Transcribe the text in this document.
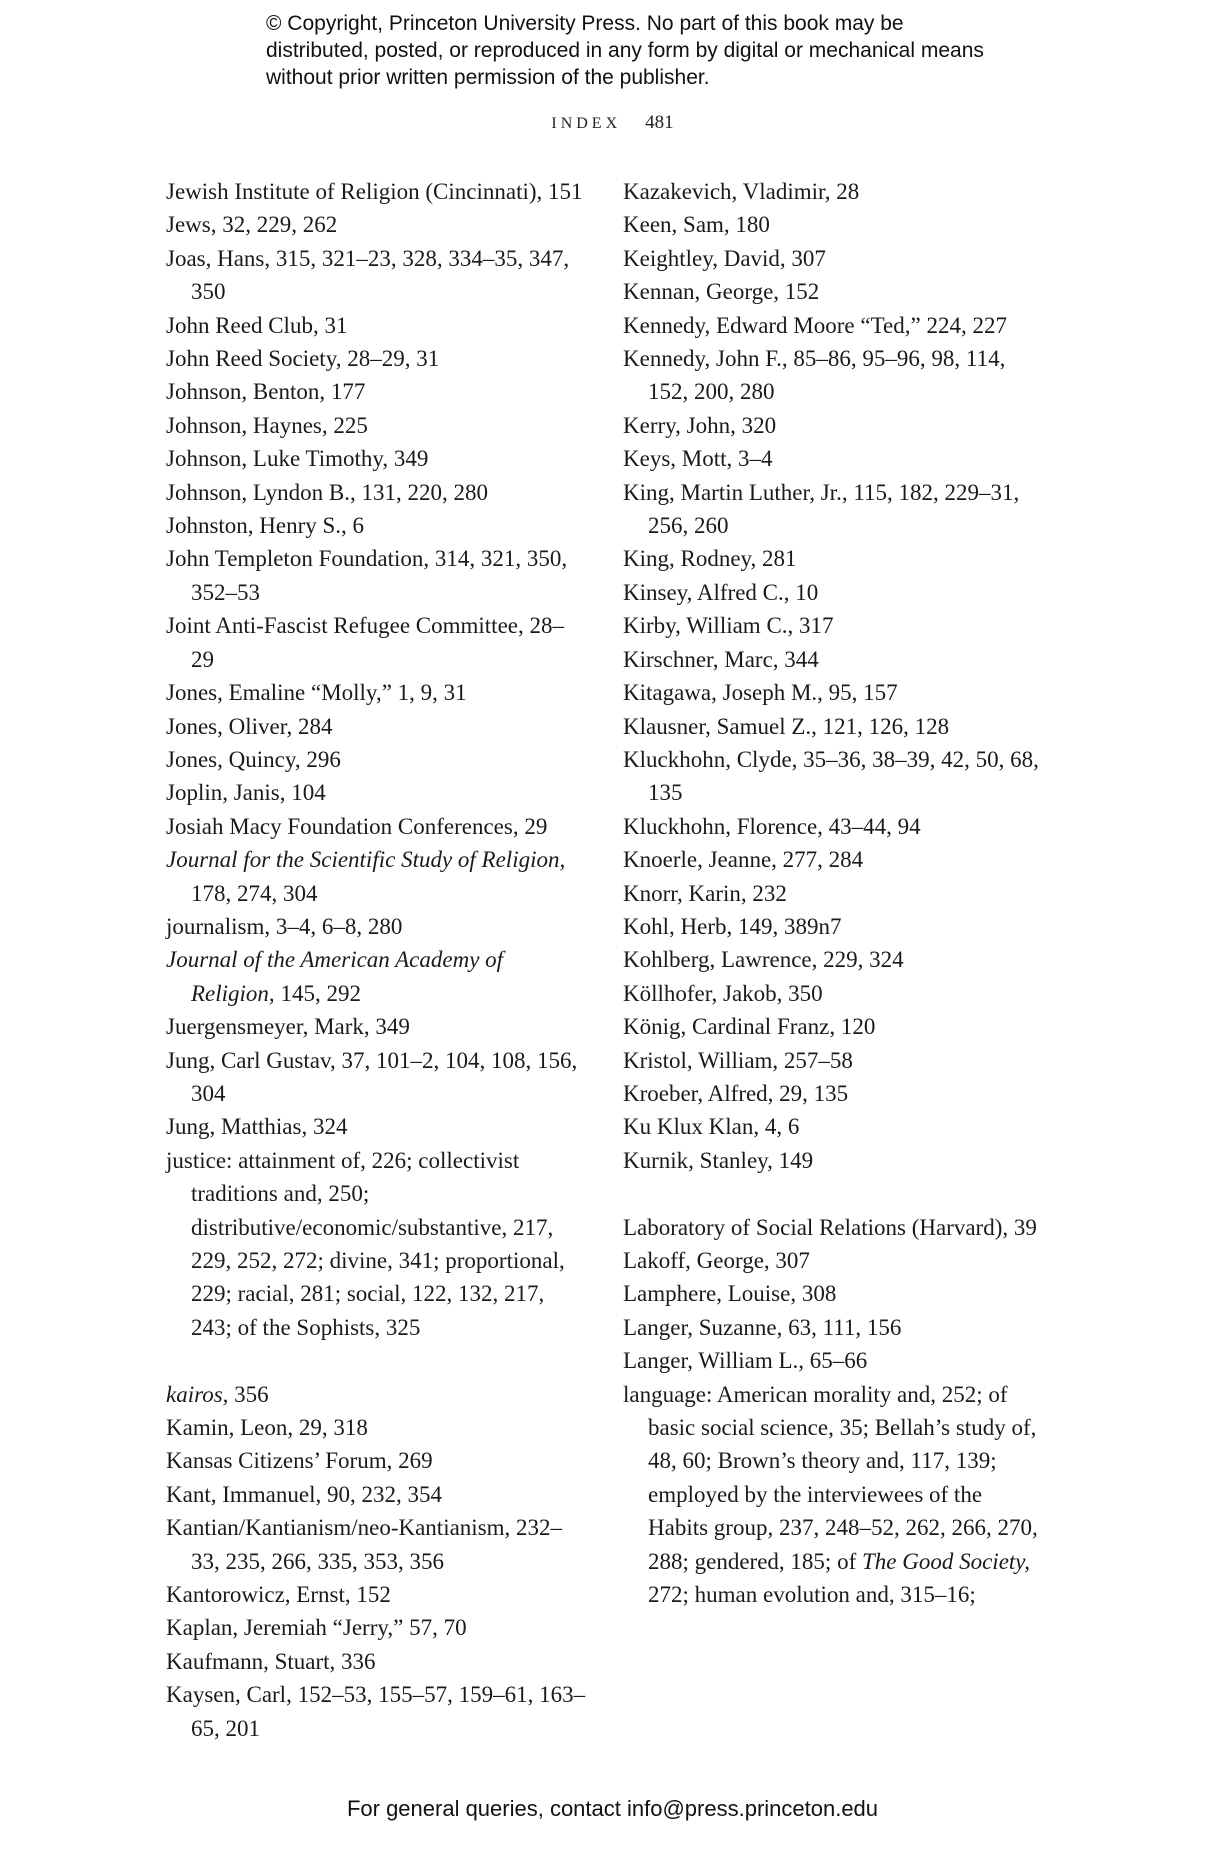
© Copyright, Princeton University Press. No part of this book may be distributed, posted, or reproduced in any form by digital or mechanical means without prior written permission of the publisher.
INDEX 481
Jewish Institute of Religion (Cincinnati), 151
Jews, 32, 229, 262
Joas, Hans, 315, 321–23, 328, 334–35, 347, 350
John Reed Club, 31
John Reed Society, 28–29, 31
Johnson, Benton, 177
Johnson, Haynes, 225
Johnson, Luke Timothy, 349
Johnson, Lyndon B., 131, 220, 280
Johnston, Henry S., 6
John Templeton Foundation, 314, 321, 350, 352–53
Joint Anti-Fascist Refugee Committee, 28–29
Jones, Emaline “Molly,” 1, 9, 31
Jones, Oliver, 284
Jones, Quincy, 296
Joplin, Janis, 104
Josiah Macy Foundation Conferences, 29
Journal for the Scientific Study of Religion, 178, 274, 304
journalism, 3–4, 6–8, 280
Journal of the American Academy of Religion, 145, 292
Juergensmeyer, Mark, 349
Jung, Carl Gustav, 37, 101–2, 104, 108, 156, 304
Jung, Matthias, 324
justice: attainment of, 226; collectivist traditions and, 250; distributive/economic/substantive, 217, 229, 252, 272; divine, 341; proportional, 229; racial, 281; social, 122, 132, 217, 243; of the Sophists, 325
kairos, 356
Kamin, Leon, 29, 318
Kansas Citizens’ Forum, 269
Kant, Immanuel, 90, 232, 354
Kantian/Kantianism/neo-Kantianism, 232–33, 235, 266, 335, 353, 356
Kantorowicz, Ernst, 152
Kaplan, Jeremiah “Jerry,” 57, 70
Kaufmann, Stuart, 336
Kaysen, Carl, 152–53, 155–57, 159–61, 163–65, 201
Kazakevich, Vladimir, 28
Keen, Sam, 180
Keightley, David, 307
Kennan, George, 152
Kennedy, Edward Moore “Ted,” 224, 227
Kennedy, John F., 85–86, 95–96, 98, 114, 152, 200, 280
Kerry, John, 320
Keys, Mott, 3–4
King, Martin Luther, Jr., 115, 182, 229–31, 256, 260
King, Rodney, 281
Kinsey, Alfred C., 10
Kirby, William C., 317
Kirschner, Marc, 344
Kitagawa, Joseph M., 95, 157
Klausner, Samuel Z., 121, 126, 128
Kluckhohn, Clyde, 35–36, 38–39, 42, 50, 68, 135
Kluckhohn, Florence, 43–44, 94
Knoerle, Jeanne, 277, 284
Knorr, Karin, 232
Kohl, Herb, 149, 389n7
Kohlberg, Lawrence, 229, 324
Köllhofer, Jakob, 350
König, Cardinal Franz, 120
Kristol, William, 257–58
Kroeber, Alfred, 29, 135
Ku Klux Klan, 4, 6
Kurnik, Stanley, 149
Laboratory of Social Relations (Harvard), 39
Lakoff, George, 307
Lamphere, Louise, 308
Langer, Suzanne, 63, 111, 156
Langer, William L., 65–66
language: American morality and, 252; of basic social science, 35; Bellah’s study of, 48, 60; Brown’s theory and, 117, 139; employed by the interviewees of the Habits group, 237, 248–52, 262, 266, 270, 288; gendered, 185; of The Good Society, 272; human evolution and, 315–16;
For general queries, contact info@press.princeton.edu
